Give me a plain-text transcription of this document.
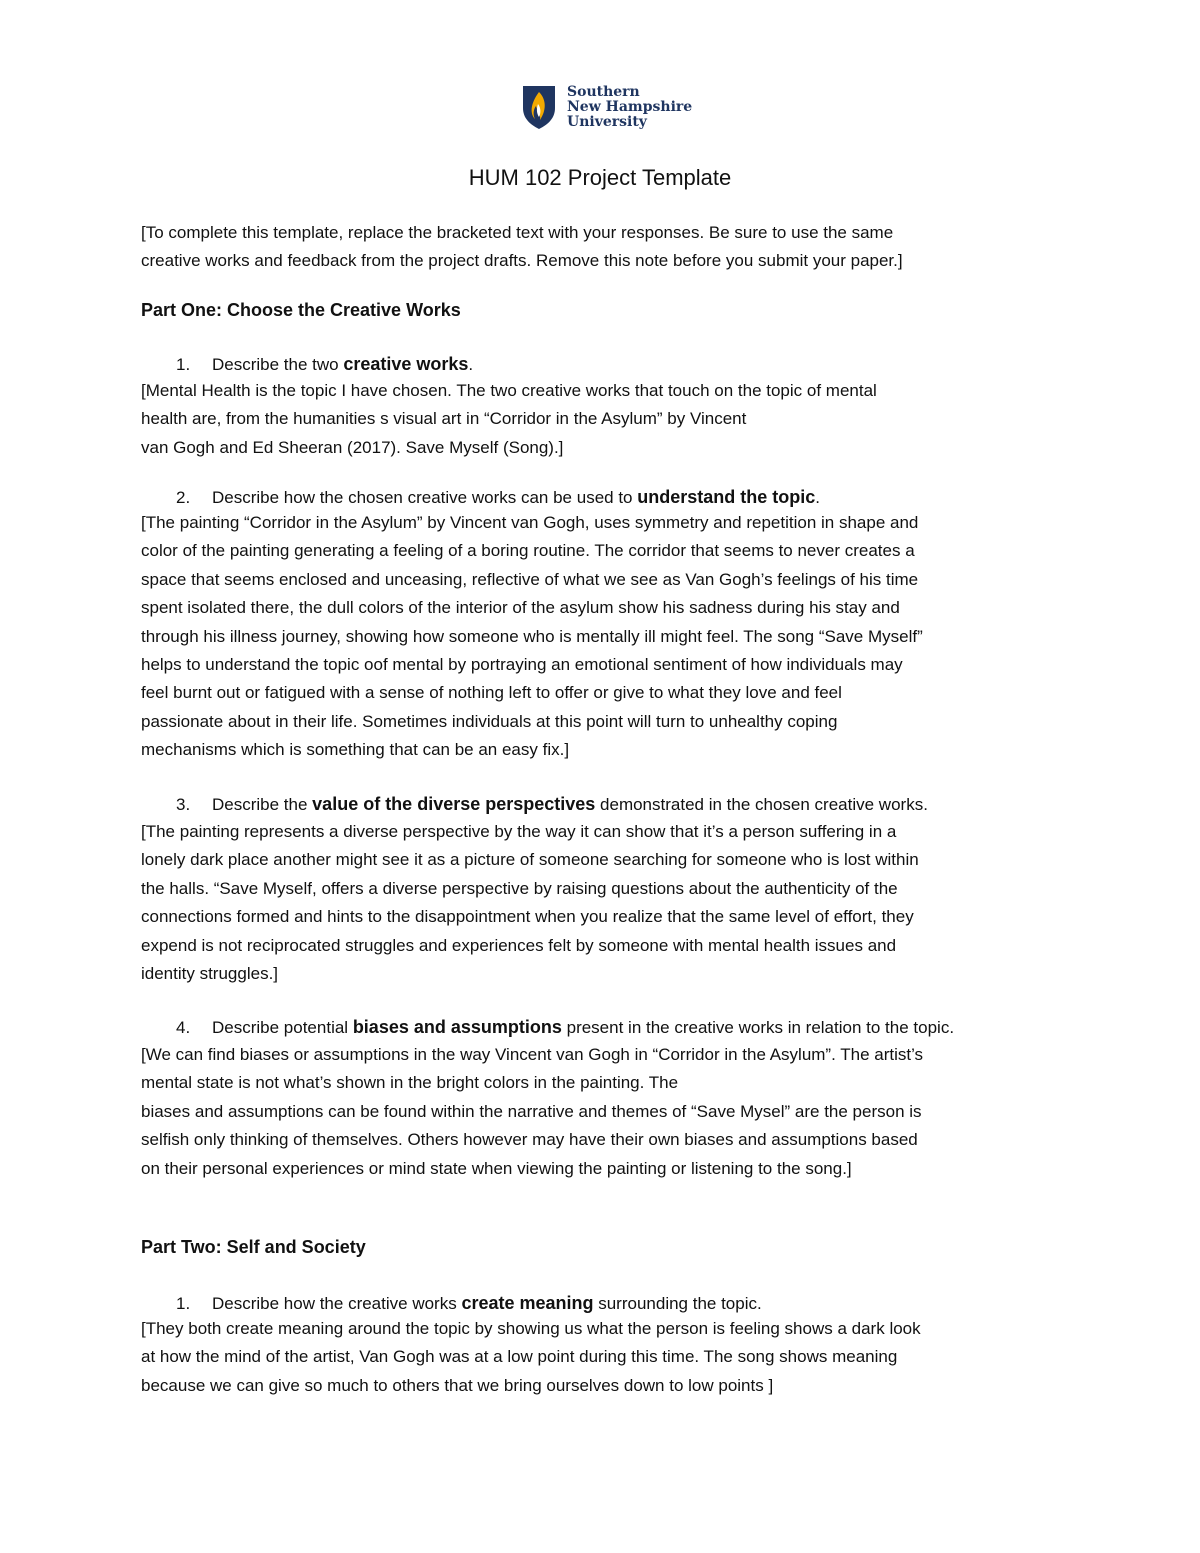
Southern
New Hampshire
University
HUM 102 Project Template

[To complete this template, replace the bracketed text with your responses. Be sure to use the same

creative works and feedback from the project drafts. Remove this note before you submit your paper.]

Part One: Choose the Creative Works
1. Describe the two creative works.

[Mental Health is the topic I have chosen. The two creative works that touch on the topic of mental

health are, from the humanities s visual art in “Corridor in the Asylum” by Vincent

van Gogh and Ed Sheeran (2017). Save Myself (Song).]

2. Describe how the chosen creative works can be used to understand the topic.

[The painting “Corridor in the Asylum” by Vincent van Gogh, uses symmetry and repetition in shape and

color of the painting generating a feeling of a boring routine. The corridor that seems to never creates a

space that seems enclosed and unceasing, reflective of what we see as Van Gogh’s feelings of his time

spent isolated there, the dull colors of the interior of the asylum show his sadness during his stay and

through his illness journey, showing how someone who is mentally ill might feel. The song “Save Myself”

helps to understand the topic oof mental by portraying an emotional sentiment of how individuals may

feel burnt out or fatigued with a sense of nothing left to offer or give to what they love and feel

passionate about in their life. Sometimes individuals at this point will turn to unhealthy coping

mechanisms which is something that can be an easy fix.]

3. Describe the value of the diverse perspectives demonstrated in the chosen creative works.

[The painting represents a diverse perspective by the way it can show that it’s a person suffering in a

lonely dark place another might see it as a picture of someone searching for someone who is lost within

the halls. “Save Myself, offers a diverse perspective by raising questions about the authenticity of the

connections formed and hints to the disappointment when you realize that the same level of effort, they

expend is not reciprocated struggles and experiences felt by someone with mental health issues and

identity struggles.]

4. Describe potential biases and assumptions present in the creative works in relation to the topic.

[We can find biases or assumptions in the way Vincent van Gogh in “Corridor in the Asylum”. The artist’s

mental state is not what’s shown in the bright colors in the painting. The

biases and assumptions can be found within the narrative and themes of “Save Mysel” are the person is

selfish only thinking of themselves. Others however may have their own biases and assumptions based

on their personal experiences or mind state when viewing the painting or listening to the song.]

Part Two: Self and Society
1. Describe how the creative works create meaning surrounding the topic.

[They both create meaning around the topic by showing us what the person is feeling shows a dark look

at how the mind of the artist, Van Gogh was at a low point during this time. The song shows meaning

because we can give so much to others that we bring ourselves down to low points ]
